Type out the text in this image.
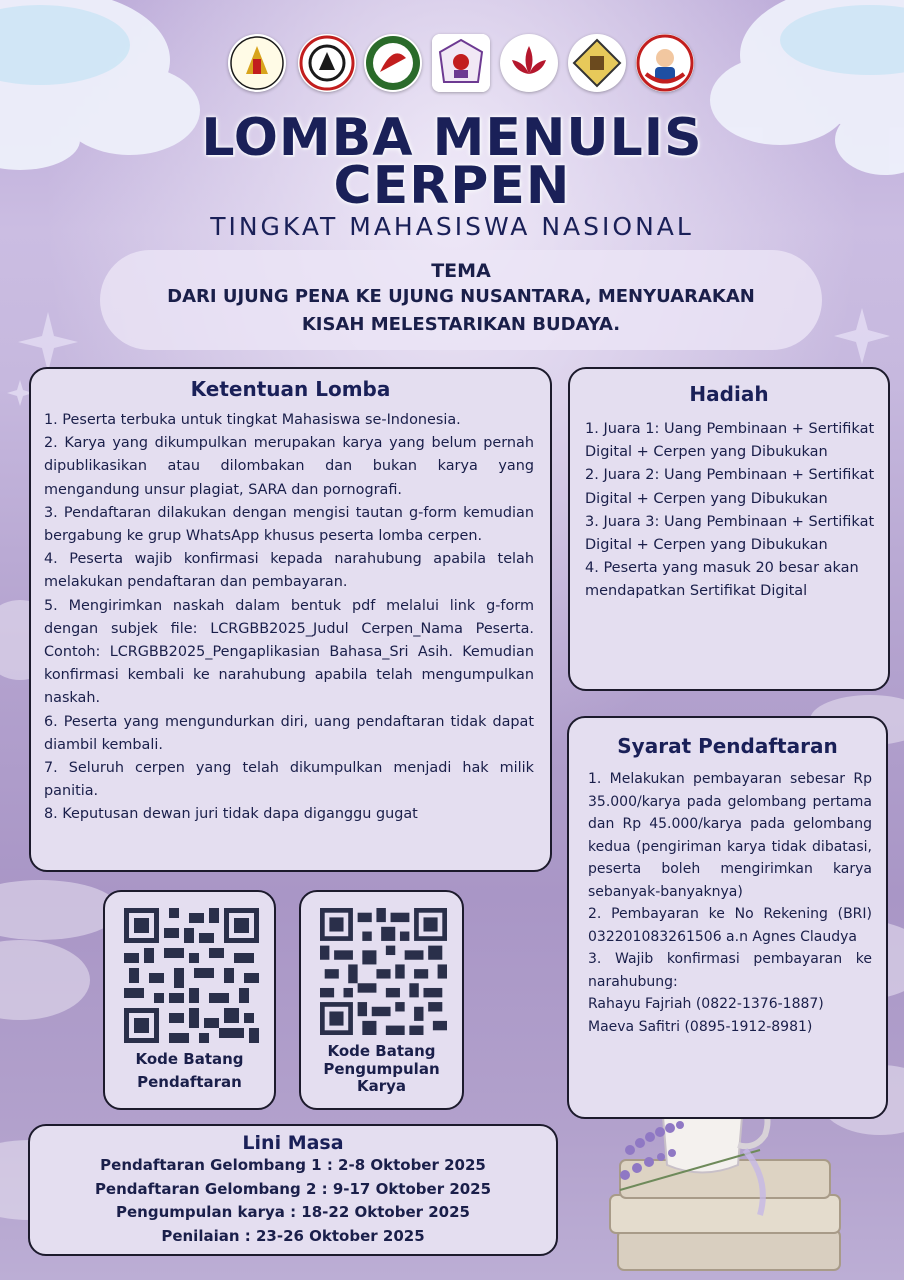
LOMBA MENULIS
CERPEN
TINGKAT MAHASISWA NASIONAL
TEMA
DARI UJUNG PENA KE UJUNG NUSANTARA, MENYUARAKAN
KISAH MELESTARIKAN BUDAYA.
Ketentuan Lomba
1. Peserta terbuka untuk tingkat Mahasiswa se-Indonesia.
2. Karya yang dikumpulkan merupakan karya yang belum pernah dipublikasikan atau dilombakan dan bukan karya yang mengandung unsur plagiat, SARA dan pornografi.
3. Pendaftaran dilakukan dengan mengisi tautan g-form kemudian bergabung ke grup WhatsApp khusus peserta lomba cerpen.
4. Peserta wajib konfirmasi kepada narahubung apabila telah melakukan pendaftaran dan pembayaran.
5. Mengirimkan naskah dalam bentuk pdf melalui link g-form dengan subjek file: LCRGBB2025_Judul Cerpen_Nama Peserta. Contoh: LCRGBB2025_Pengaplikasian Bahasa_Sri Asih. Kemudian konfirmasi kembali ke narahubung apabila telah mengumpulkan naskah.
6. Peserta yang mengundurkan diri, uang pendaftaran tidak dapat diambil kembali.
7. Seluruh cerpen yang telah dikumpulkan menjadi hak milik panitia.
8. Keputusan dewan juri tidak dapa diganggu gugat
Hadiah
1. Juara 1: Uang Pembinaan + Sertifikat Digital + Cerpen yang Dibukukan
2. Juara 2: Uang Pembinaan + Sertifikat Digital + Cerpen yang Dibukukan
3. Juara 3: Uang Pembinaan + Sertifikat Digital + Cerpen yang Dibukukan
4. Peserta yang masuk 20 besar akan mendapatkan Sertifikat Digital
Syarat Pendaftaran
1. Melakukan pembayaran sebesar Rp 35.000/karya pada gelombang pertama dan Rp 45.000/karya pada gelombang kedua (pengiriman karya tidak dibatasi, peserta boleh mengirimkan karya sebanyak-banyaknya)
2. Pembayaran ke No Rekening (BRI) 032201083261506 a.n Agnes Claudya
3. Wajib konfirmasi pembayaran ke narahubung:
Rahayu Fajriah (0822-1376-1887)
Maeva Safitri (0895-1912-8981)
Kode Batang
Pendaftaran
Kode Batang
Pengumpulan
Karya
Lini Masa
Pendaftaran Gelombang 1 : 2-8 Oktober 2025
Pendaftaran Gelombang 2 : 9-17 Oktober 2025
Pengumpulan karya : 18-22 Oktober 2025
Penilaian : 23-26 Oktober 2025
